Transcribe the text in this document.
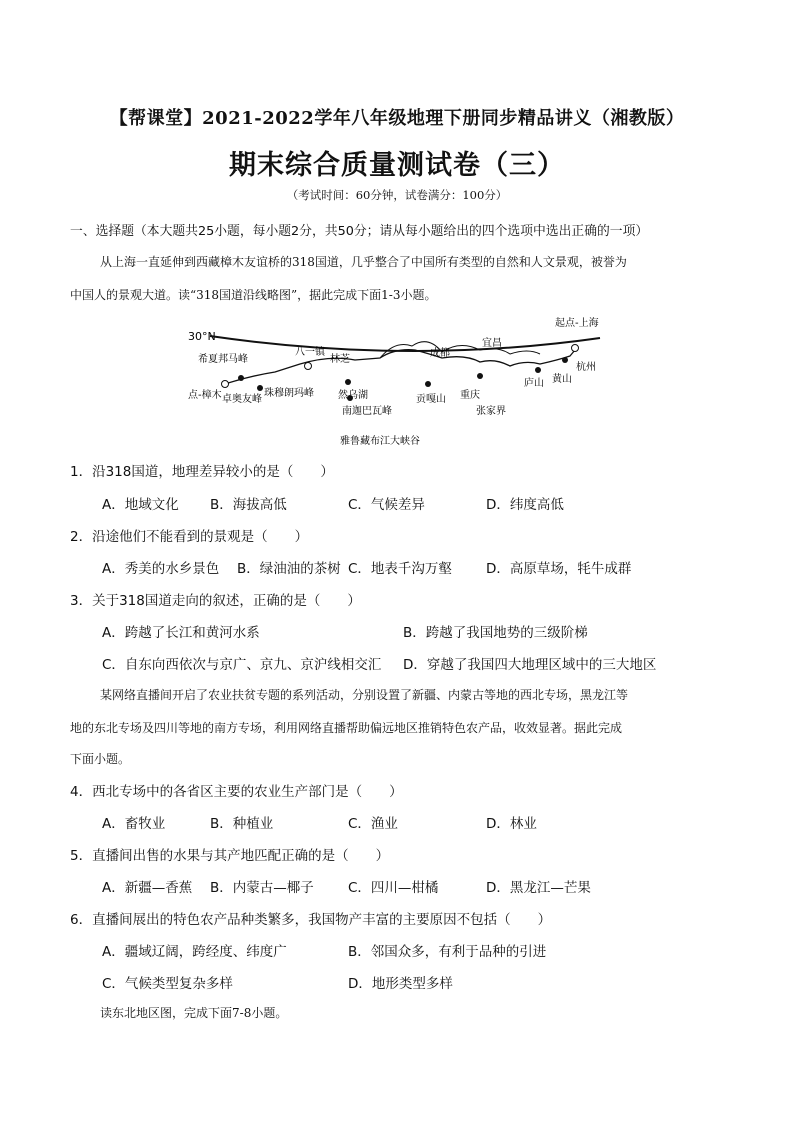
【帮课堂】2021-2022学年八年级地理下册同步精品讲义（湘教版）
期末综合质量测试卷（三）
（考试时间：60分钟，试卷满分：100分）
一、选择题（本大题共25小题，每小题2分，共50分；请从每小题给出的四个选项中选出正确的一项）
从上海一直延伸到西藏樟木友谊桥的318国道，几乎整合了中国所有类型的自然和人文景观，被誉为
中国人的景观大道。读“318国道沿线略图”，据此完成下面1-3小题。
30°N
希夏邦马峰
点-樟木 卓奥友峰
珠穆朗玛峰
八一镇
林芝
然乌湖
南迦巴瓦峰
雅鲁藏布江大峡谷
成都
贡嘎山 重庆
张家界
宜昌
庐山 黄山
杭州
起点-上海
1．沿318国道，地理差异较小的是（　　）
A．地域文化 B．海拔高低	C．气候差异	D．纬度高低
2．沿途他们不能看到的景观是（　　）
A．秀美的水乡景色 B．绿油油的茶树 C．地表千沟万壑	D．高原草场，牦牛成群
3．关于318国道走向的叙述，正确的是（　　）
A．跨越了长江和黄河水系	B．跨越了我国地势的三级阶梯
C．自东向西依次与京广、京九、京沪线相交汇 D．穿越了我国四大地理区域中的三大地区
某网络直播间开启了农业扶贫专题的系列活动，分别设置了新疆、内蒙古等地的西北专场，黑龙江等
地的东北专场及四川等地的南方专场，利用网络直播帮助偏远地区推销特色农产品，收效显著。据此完成
下面小题。
4．西北专场中的各省区主要的农业生产部门是（　　）
A．畜牧业	B．种植业	C．渔业	D．林业
5．直播间出售的水果与其产地匹配正确的是（　　）
A．新疆—香蕉 B．内蒙古—椰子	C．四川—柑橘	D．黑龙江—芒果
6．直播间展出的特色农产品种类繁多，我国物产丰富的主要原因不包括（　　）
A．疆域辽阔，跨经度、纬度广	B．邻国众多，有利于品种的引进
C．气候类型复杂多样	D．地形类型多样
读东北地区图，完成下面7-8小题。
